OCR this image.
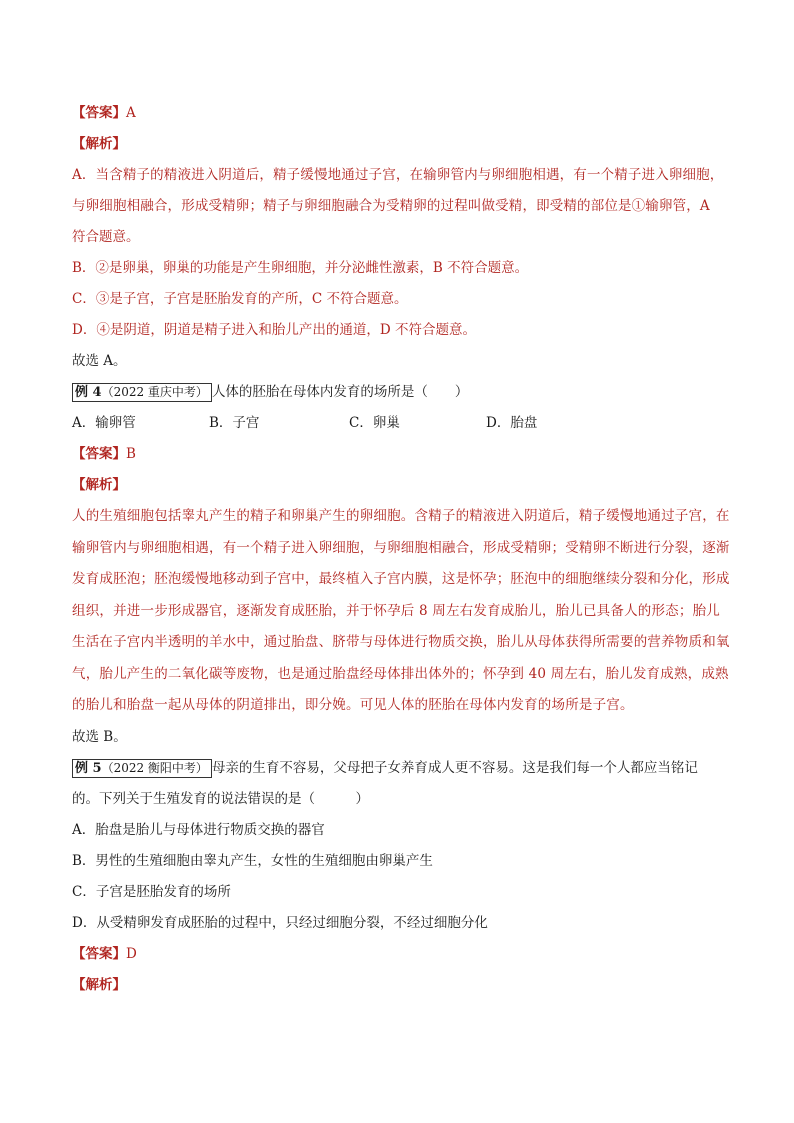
【答案】A
【解析】
A．当含精子的精液进入阴道后，精子缓慢地通过子宫，在输卵管内与卵细胞相遇，有一个精子进入卵细胞，
与卵细胞相融合，形成受精卵；精子与卵细胞融合为受精卵的过程叫做受精，即受精的部位是①输卵管，A
符合题意。
B．②是卵巢，卵巢的功能是产生卵细胞，并分泌雌性激素，B 不符合题意。
C．③是子宫，子宫是胚胎发育的产所，C 不符合题意。
D．④是阴道，阴道是精子进入和胎儿产出的通道，D 不符合题意。
故选 A。
例 4（2022 重庆中考） 人体的胚胎在母体内发育的场所是（　　）
A．输卵管	B．子宫	C．卵巢	D．胎盘
【答案】B
【解析】
人的生殖细胞包括睾丸产生的精子和卵巢产生的卵细胞。含精子的精液进入阴道后，精子缓慢地通过子宫，在输卵管内与卵细胞相遇，有一个精子进入卵细胞，与卵细胞相融合，形成受精卵；受精卵不断进行分裂，逐渐发育成胚泡；胚泡缓慢地移动到子宫中，最终植入子宫内膜，这是怀孕；胚泡中的细胞继续分裂和分化，形成组织，并进一步形成器官，逐渐发育成胚胎，并于怀孕后 8 周左右发育成胎儿，胎儿已具备人的形态；胎儿生活在子宫内半透明的羊水中，通过胎盘、脐带与母体进行物质交换，胎儿从母体获得所需要的营养物质和氧气，胎儿产生的二氧化碳等废物，也是通过胎盘经母体排出体外的；怀孕到 40 周左右，胎儿发育成熟，成熟的胎儿和胎盘一起从母体的阴道排出，即分娩。可见人体的胚胎在母体内发育的场所是子宫。
故选 B。
例 5（2022 衡阳中考） 母亲的生育不容易，父母把子女养育成人更不容易。这是我们每一个人都应当铭记
的。下列关于生殖发育的说法错误的是（　　　）
A．胎盘是胎儿与母体进行物质交换的器官
B．男性的生殖细胞由睾丸产生，女性的生殖细胞由卵巢产生
C．子宫是胚胎发育的场所
D．从受精卵发育成胚胎的过程中，只经过细胞分裂，不经过细胞分化
【答案】D
【解析】
